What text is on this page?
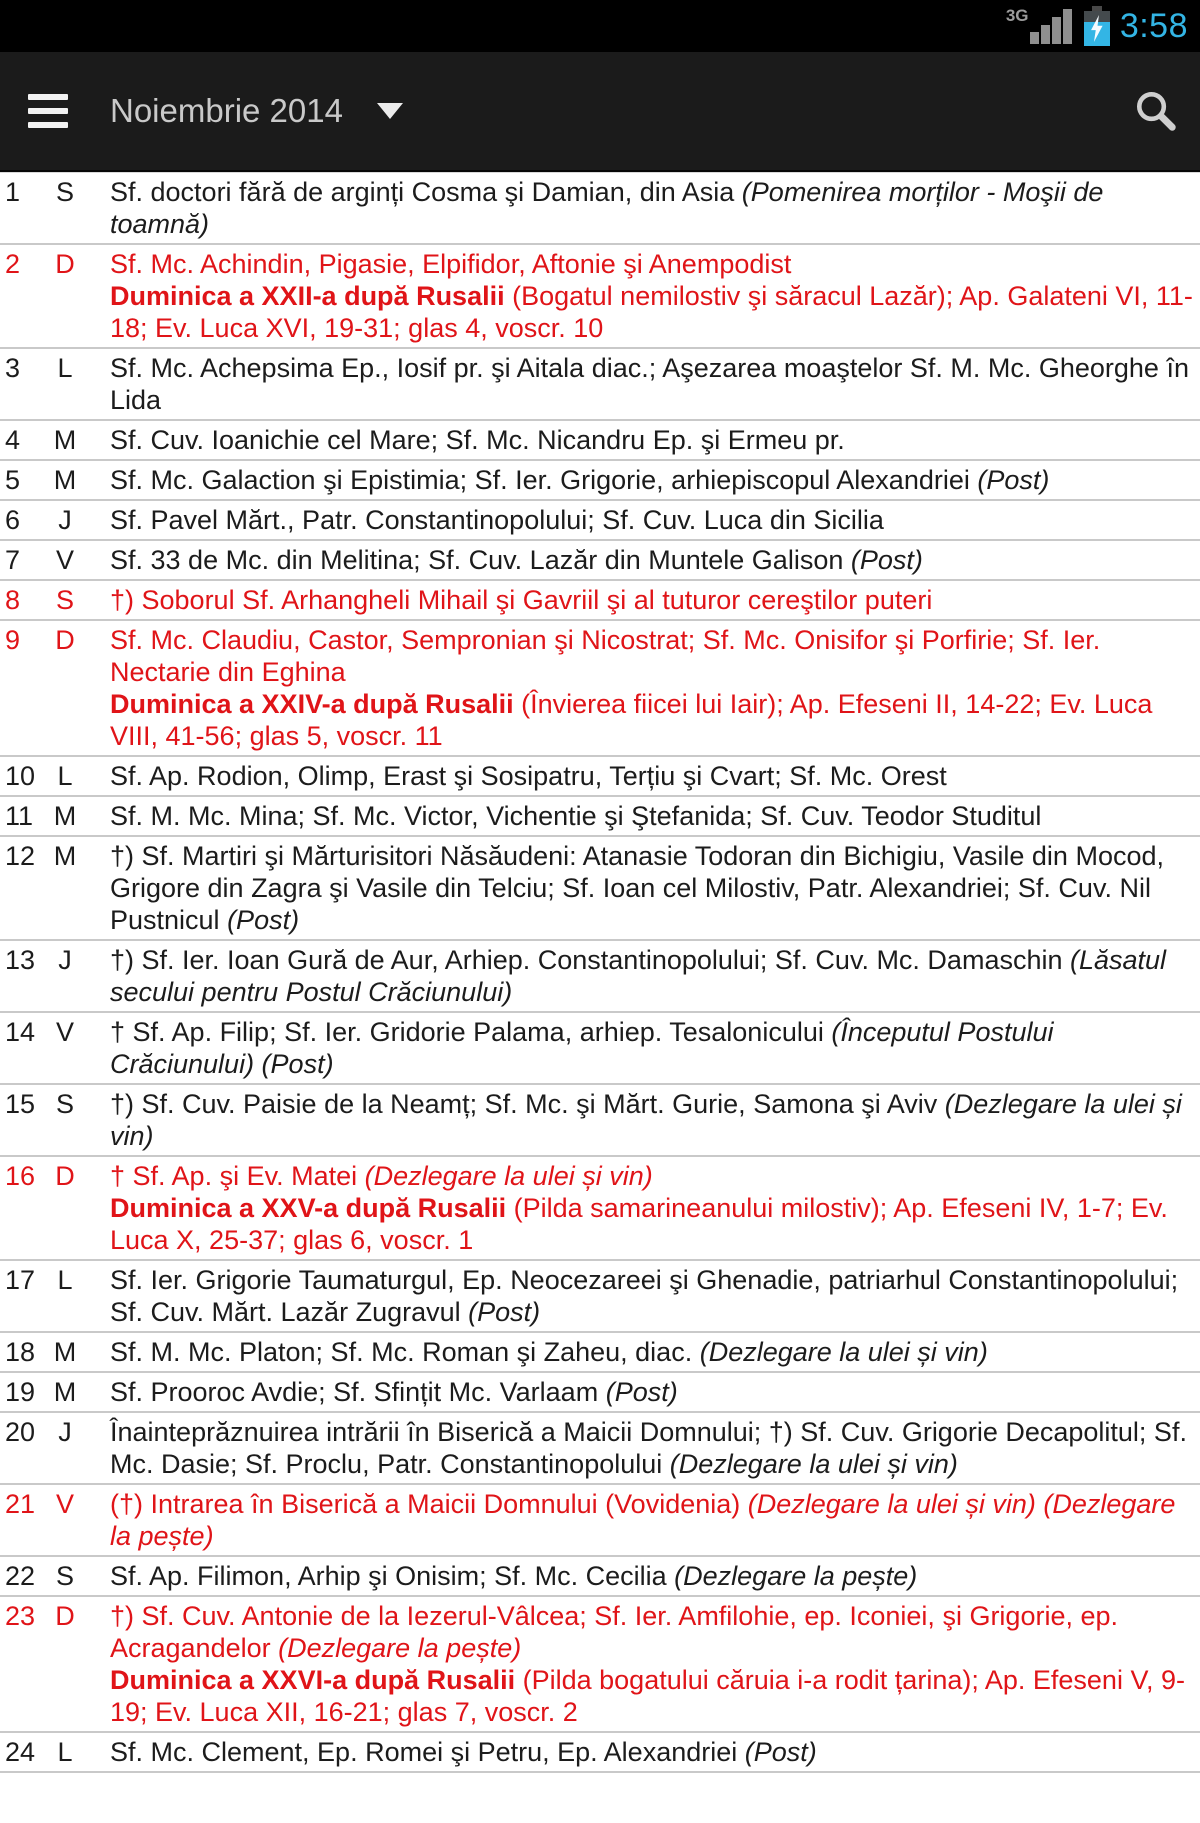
3G	3:58
Noiembrie 2014
1	S	Sf. doctori fără de arginți Cosma şi Damian, din Asia (Pomenirea morților - Moşii de toamnă)
2	D	Sf. Mc. Achindin, Pigasie, Elpifidor, Aftonie şi Anempodist
Duminica a XXII-a după Rusalii (Bogatul nemilostiv şi săracul Lazăr); Ap. Galateni VI, 11-18; Ev. Luca XVI, 19-31; glas 4, voscr. 10
3	L	Sf. Mc. Achepsima Ep., Iosif pr. şi Aitala diac.; Aşezarea moaştelor Sf. M. Mc. Gheorghe în Lida
4	M	Sf. Cuv. Ioanichie cel Mare; Sf. Mc. Nicandru Ep. şi Ermeu pr.
5	M	Sf. Mc. Galaction şi Epistimia; Sf. Ier. Grigorie, arhiepiscopul Alexandriei (Post)
6	J	Sf. Pavel Mărt., Patr. Constantinopolului; Sf. Cuv. Luca din Sicilia
7	V	Sf. 33 de Mc. din Melitina; Sf. Cuv. Lazăr din Muntele Galison (Post)
8	S	†) Soborul Sf. Arhangheli Mihail şi Gavriil şi al tuturor cereştilor puteri
9	D	Sf. Mc. Claudiu, Castor, Sempronian şi Nicostrat; Sf. Mc. Onisifor şi Porfirie; Sf. Ier. Nectarie din Eghina
Duminica a XXIV-a după Rusalii (Învierea fiicei lui Iair); Ap. Efeseni II, 14-22; Ev. Luca VIII, 41-56; glas 5, voscr. 11
10 L	Sf. Ap. Rodion, Olimp, Erast şi Sosipatru, Terțiu şi Cvart; Sf. Mc. Orest
11 M	Sf. M. Mc. Mina; Sf. Mc. Victor, Vichentie şi Ştefanida; Sf. Cuv. Teodor Studitul
12 M	†) Sf. Martiri şi Mărturisitori Năsăudeni: Atanasie Todoran din Bichigiu, Vasile din Mocod, Grigore din Zagra şi Vasile din Telciu; Sf. Ioan cel Milostiv, Patr. Alexandriei; Sf. Cuv. Nil Pustnicul (Post)
13 J	†) Sf. Ier. Ioan Gură de Aur, Arhiep. Constantinopolului; Sf. Cuv. Mc. Damaschin (Lăsatul secului pentru Postul Crăciunului)
14 V	† Sf. Ap. Filip; Sf. Ier. Gridorie Palama, arhiep. Tesalonicului (Începutul Postului Crăciunului) (Post)
15 S	†) Sf. Cuv. Paisie de la Neamț; Sf. Mc. şi Mărt. Gurie, Samona şi Aviv (Dezlegare la ulei și vin)
16 D	† Sf. Ap. şi Ev. Matei (Dezlegare la ulei și vin)
Duminica a XXV-a după Rusalii (Pilda samarineanului milostiv); Ap. Efeseni IV, 1-7; Ev. Luca X, 25-37; glas 6, voscr. 1
17 L	Sf. Ier. Grigorie Taumaturgul, Ep. Neocezareei şi Ghenadie, patriarhul Constantinopolului; Sf. Cuv. Mărt. Lazăr Zugravul (Post)
18 M	Sf. M. Mc. Platon; Sf. Mc. Roman şi Zaheu, diac. (Dezlegare la ulei și vin)
19 M	Sf. Prooroc Avdie; Sf. Sfințit Mc. Varlaam (Post)
20 J	Înainteprăznuirea intrării în Biserică a Maicii Domnului; †) Sf. Cuv. Grigorie Decapolitul; Sf. Mc. Dasie; Sf. Proclu, Patr. Constantinopolului (Dezlegare la ulei și vin)
21 V	(†) Intrarea în Biserică a Maicii Domnului (Vovidenia) (Dezlegare la ulei și vin) (Dezlegare la pește)
22 S	Sf. Ap. Filimon, Arhip şi Onisim; Sf. Mc. Cecilia (Dezlegare la pește)
23 D	†) Sf. Cuv. Antonie de la Iezerul-Vâlcea; Sf. Ier. Amfilohie, ep. Iconiei, şi Grigorie, ep. Acragandelor (Dezlegare la pește)
Duminica a XXVI-a după Rusalii (Pilda bogatului căruia i-a rodit țarina); Ap. Efeseni V, 9-19; Ev. Luca XII, 16-21; glas 7, voscr. 2
24 L	Sf. Mc. Clement, Ep. Romei şi Petru, Ep. Alexandriei (Post)
